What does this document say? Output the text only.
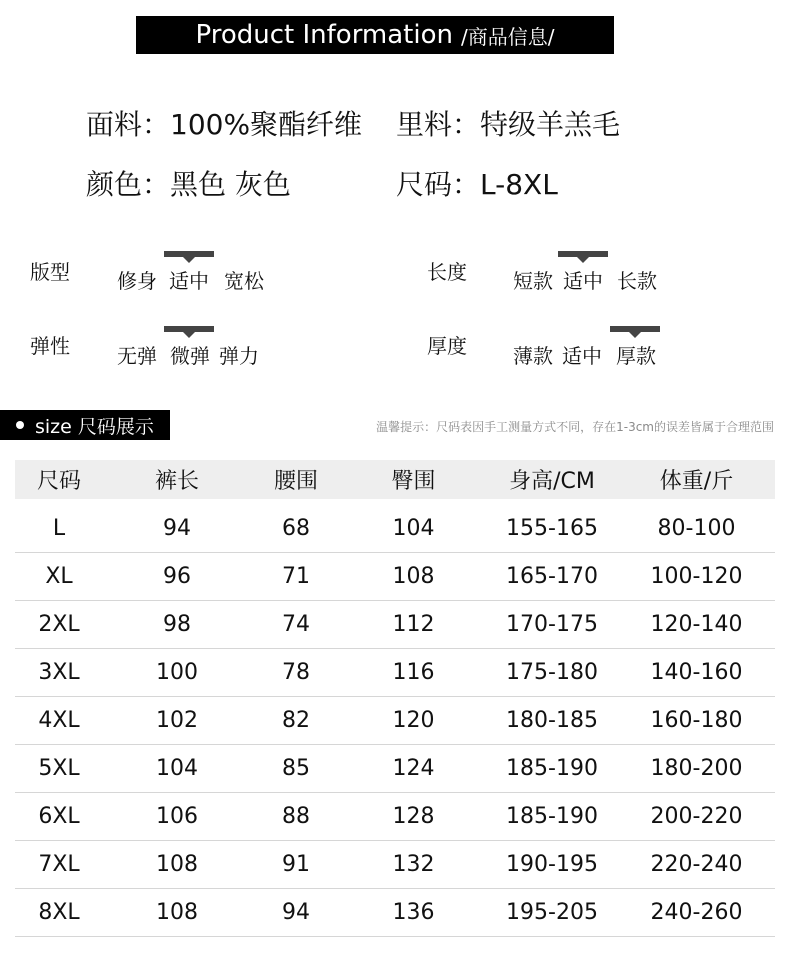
Product Information /商品信息/
面料：100%聚酯纤维 里料：特级羊羔毛
颜色：黑色 灰色	尺码：L-8XL
版型 修身 适中 宽松	长度 短款 适中 长款
弹性 无弹 微弹 弹力	厚度 薄款 适中 厚款
size 尺码展示	温馨提示：尺码表因手工测量方式不同，存在1-3cm的误差皆属于合理范围
尺码	裤长	腰围	臀围	身高/CM	体重/斤
L	94	68	104	155-165	80-100
XL	96	71	108	165-170	100-120
2XL	98	74	112	170-175	120-140
3XL	100	78	116	175-180	140-160
4XL	102	82	120	180-185	160-180
5XL	104	85	124	185-190	180-200
6XL	106	88	128	185-190	200-220
7XL	108	91	132	190-195	220-240
8XL	108	94	136	195-205	240-260
